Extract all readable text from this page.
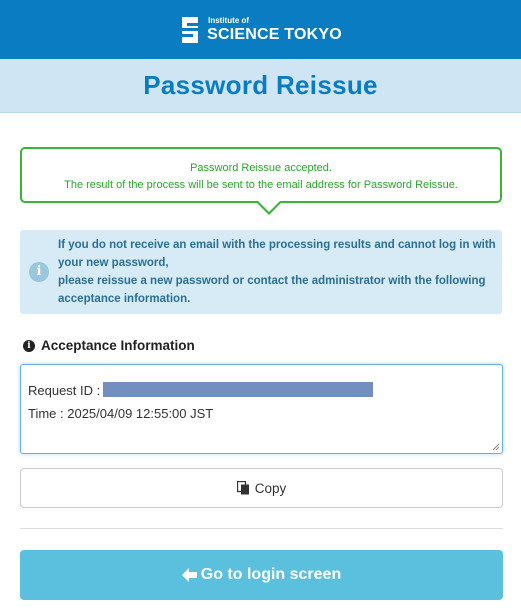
Institute of
SCIENCE TOKYO
Password Reissue
Password Reissue accepted.
The result of the process will be sent to the email address for Password Reissue.
i
If you do not receive an email with the processing results and cannot log in with
your new password,
please reissue a new password or contact the administrator with the following
acceptance information.
i Acceptance Information
Request ID :
Time : 2025/04/09 12:55:00 JST
Copy
Go to login screen
